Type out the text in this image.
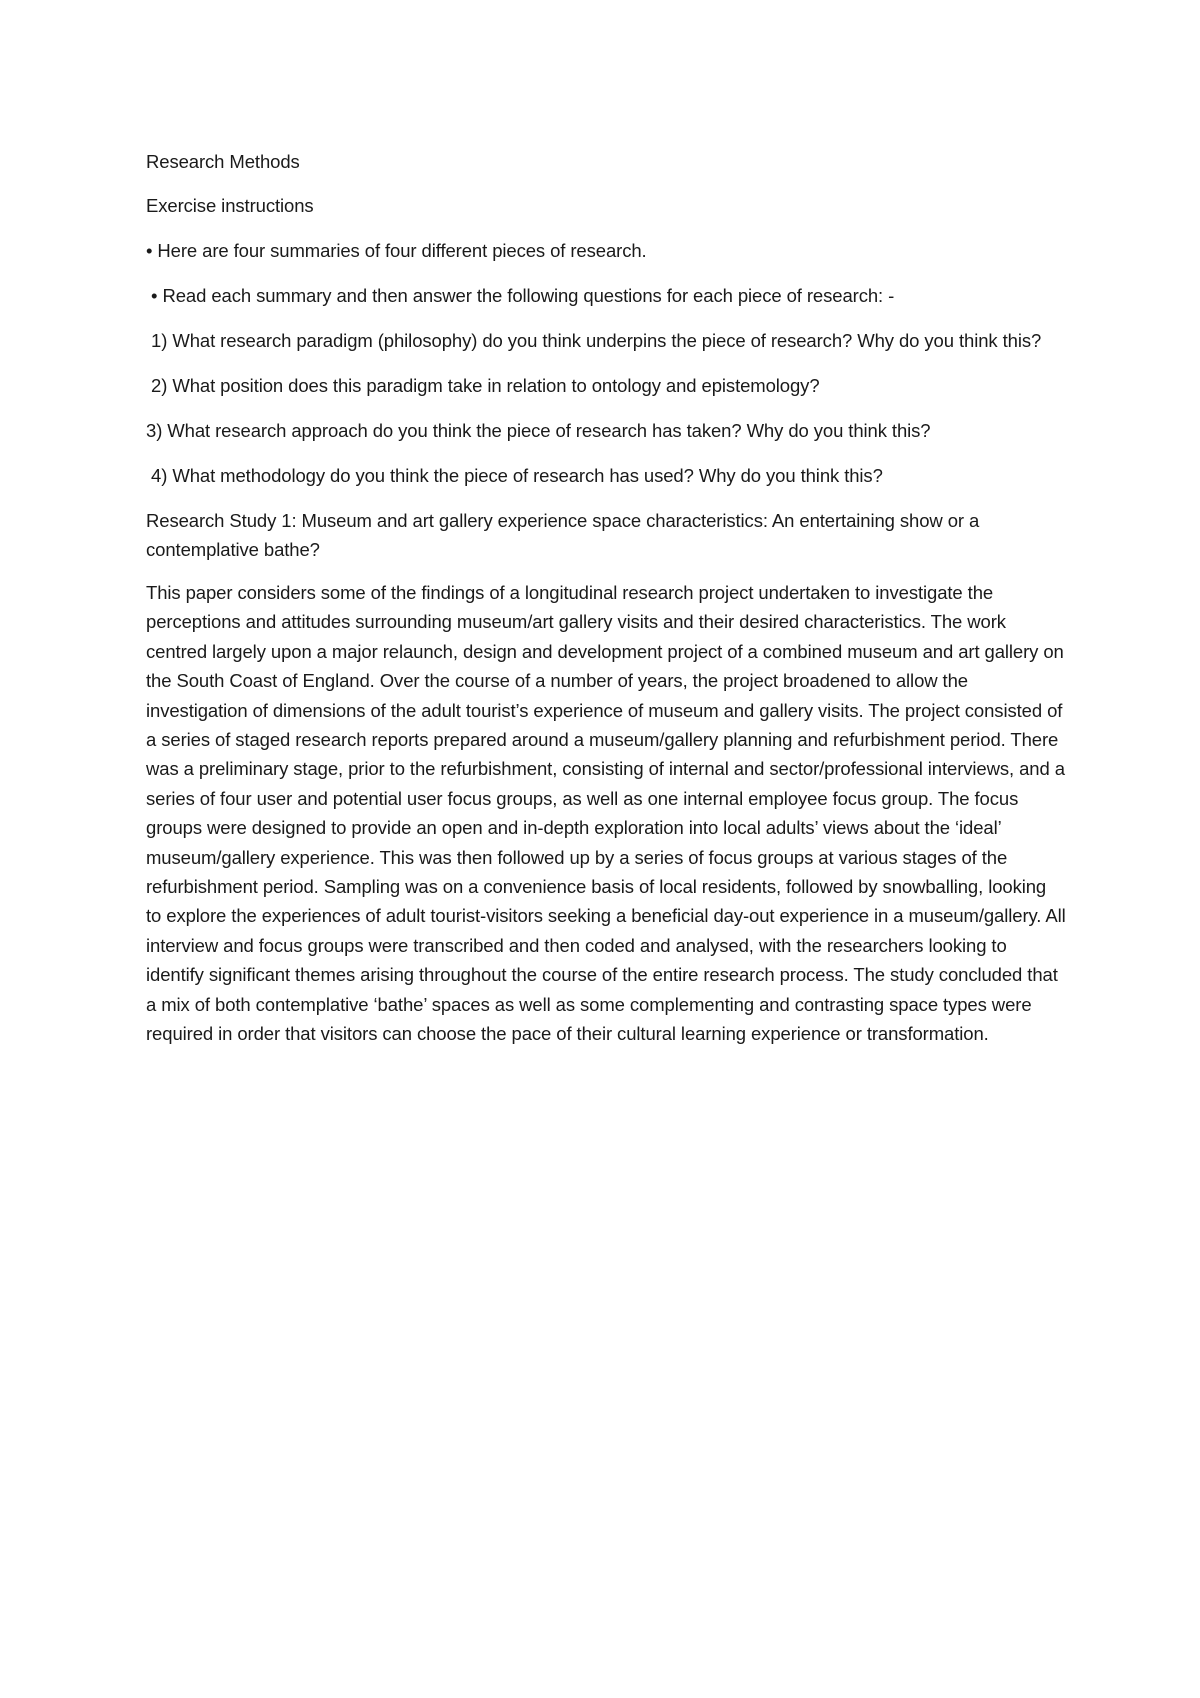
Research Methods

Exercise instructions

• Here are four summaries of four different pieces of research.

• Read each summary and then answer the following questions for each piece of research: -

1) What research paradigm (philosophy) do you think underpins the piece of research? Why do you think this?

2) What position does this paradigm take in relation to ontology and epistemology?

3) What research approach do you think the piece of research has taken? Why do you think this?

4) What methodology do you think the piece of research has used? Why do you think this?

Research Study 1: Museum and art gallery experience space characteristics: An entertaining show or a contemplative bathe?

This paper considers some of the findings of a longitudinal research project undertaken to investigate the perceptions and attitudes surrounding museum/art gallery visits and their desired characteristics. The work centred largely upon a major relaunch, design and development project of a combined museum and art gallery on the South Coast of England. Over the course of a number of years, the project broadened to allow the investigation of dimensions of the adult tourist’s experience of museum and gallery visits. The project consisted of a series of staged research reports prepared around a museum/gallery planning and refurbishment period. There was a preliminary stage, prior to the refurbishment, consisting of internal and sector/professional interviews, and a series of four user and potential user focus groups, as well as one internal employee focus group. The focus groups were designed to provide an open and in-depth exploration into local adults’ views about the ‘ideal’ museum/gallery experience. This was then followed up by a series of focus groups at various stages of the refurbishment period. Sampling was on a convenience basis of local residents, followed by snowballing, looking to explore the experiences of adult tourist-visitors seeking a beneficial day-out experience in a museum/gallery. All interview and focus groups were transcribed and then coded and analysed, with the researchers looking to identify significant themes arising throughout the course of the entire research process. The study concluded that a mix of both contemplative ‘bathe’ spaces as well as some complementing and contrasting space types were required in order that visitors can choose the pace of their cultural learning experience or transformation.
